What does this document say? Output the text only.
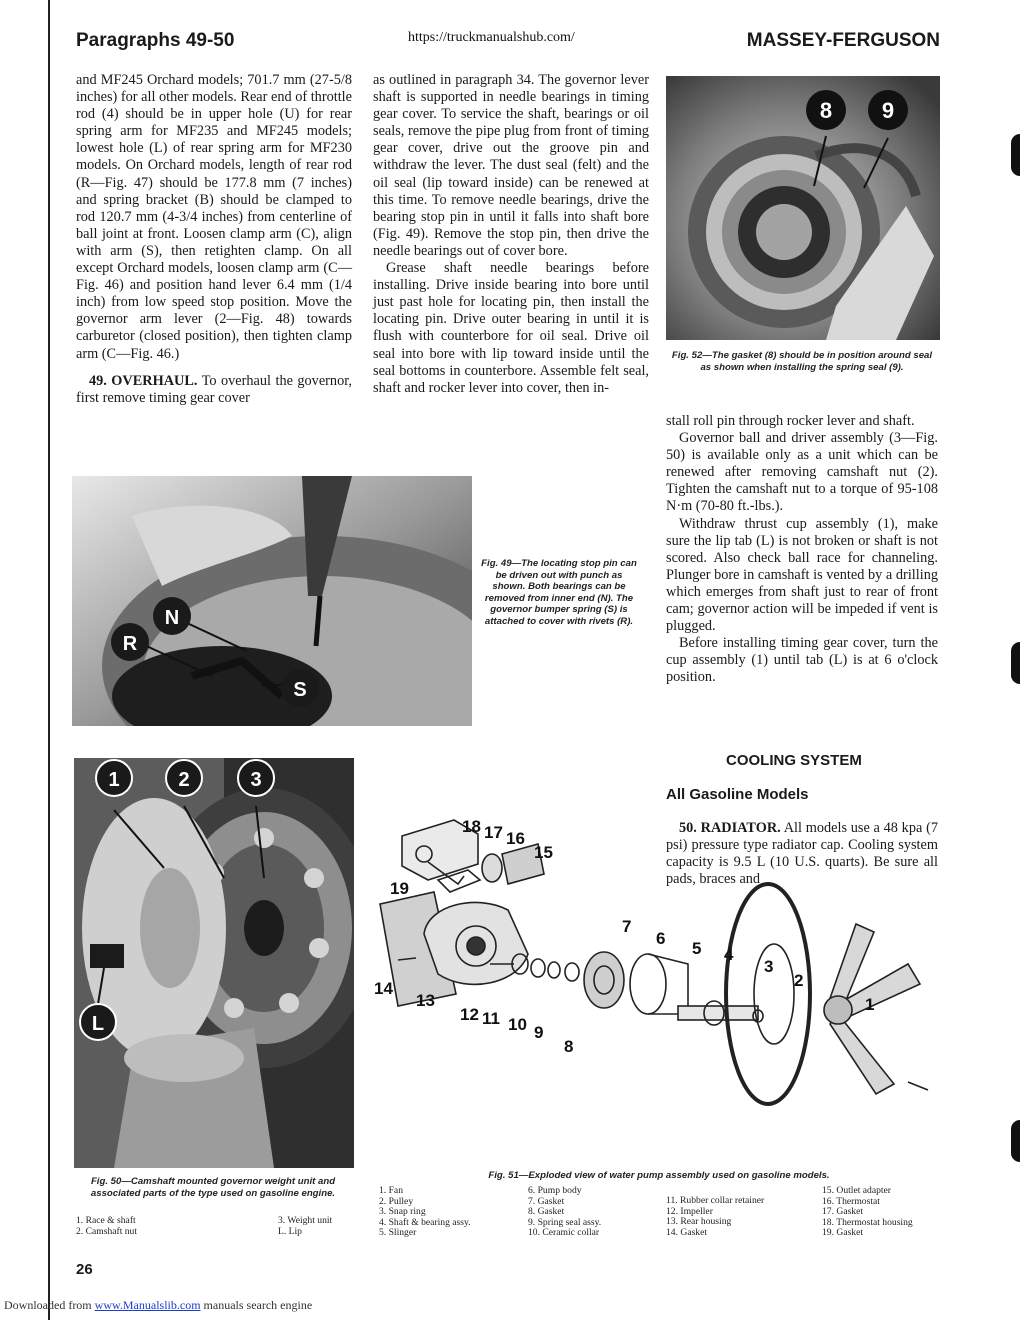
Paragraphs 49-50	https://truckmanualshub.com/	MASSEY-FERGUSON

and MF245 Orchard models; 701.7 mm (27-5/8 inches) for all other models. Rear end of throttle rod (4) should be in upper hole (U) for rear spring arm for MF235 and MF245 models; lowest hole (L) of rear spring arm for MF230 models. On Orchard models, length of rear rod (R—Fig. 47) should be 177.8 mm (7 inches) and spring bracket (B) should be clamped to rod 120.7 mm (4-3/4 inches) from centerline of ball joint at front. Loosen clamp arm (C), align with arm (S), then retighten clamp. On all except Orchard models, loosen clamp arm (C—Fig. 46) and position hand lever 6.4 mm (1/4 inch) from low speed stop position. Move the governor arm lever (2—Fig. 48) towards carburetor (closed position), then tighten clamp arm (C—Fig. 46.)

49. OVERHAUL. To overhaul the governor, first remove timing gear cover

as outlined in paragraph 34. The governor lever shaft is supported in needle bearings in timing gear cover. To service the shaft, bearings or oil seals, remove the pipe plug from front of timing gear cover, drive out the groove pin and withdraw the lever. The dust seal (felt) and the oil seal (lip toward inside) can be renewed at this time. To remove needle bearings, drive the bearing stop pin in until it falls into shaft bore (Fig. 49). Remove the stop pin, then drive the needle bearings out of cover bore.

Grease shaft needle bearings before installing. Drive inside bearing into bore until just past hole for locating pin, then install the locating pin. Drive outer bearing in until it is flush with counterbore for oil seal. Drive oil seal into bore with lip toward inside until the seal bottoms in counterbore. Assemble felt seal, shaft and rocker lever into cover, then in-

8 9
Fig. 52—The gasket (8) should be in position around seal as shown when installing the spring seal (9).

stall roll pin through rocker lever and shaft.

Governor ball and driver assembly (3—Fig. 50) is available only as a unit which can be renewed after removing camshaft nut (2). Tighten the camshaft nut to a torque of 95-108 N·m (70-80 ft.-lbs.).

Withdraw thrust cup assembly (1), make sure the lip tab (L) is not broken or shaft is not scored. Also check ball race for channeling. Plunger bore in camshaft is vented by a drilling which emerges from shaft just to rear of front cam; governor action will be impeded if vent is plugged.

Before installing timing gear cover, turn the cup assembly (1) until tab (L) is at 6 o'clock position.

COOLING SYSTEM
All Gasoline Models

50. RADIATOR. All models use a 48 kpa (7 psi) pressure type radiator cap. Cooling system capacity is 9.5 L (10 U.S. quarts). Be sure all pads, braces and

N
R
S
Fig. 49—The locating stop pin can be driven out with punch as shown. Both bearings can be removed from inner end (N). The governor bumper spring (S) is attached to cover with rivets (R).
1	2	3
L
Fig. 50—Camshaft mounted governor weight unit and associated parts of the type used on gasoline engine.
1. Race & shaft
2. Camshaft nut
3. Weight unit
L. Lip
1
2
3
4
5
6
7
8
9
10
11
12
13
14
15
16
17
18
19
Fig. 51—Exploded view of water pump assembly used on gasoline models.
1. Fan
2. Pulley
3. Snap ring
4. Shaft & bearing assy.
5. Slinger
6. Pump body
7. Gasket
8. Gasket
9. Spring seal assy.
10. Ceramic collar
11. Rubber collar retainer
12. Impeller
13. Rear housing
14. Gasket
15. Outlet adapter
16. Thermostat
17. Gasket
18. Thermostat housing
19. Gasket
26
Downloaded from www.Manualslib.com manuals search engine
